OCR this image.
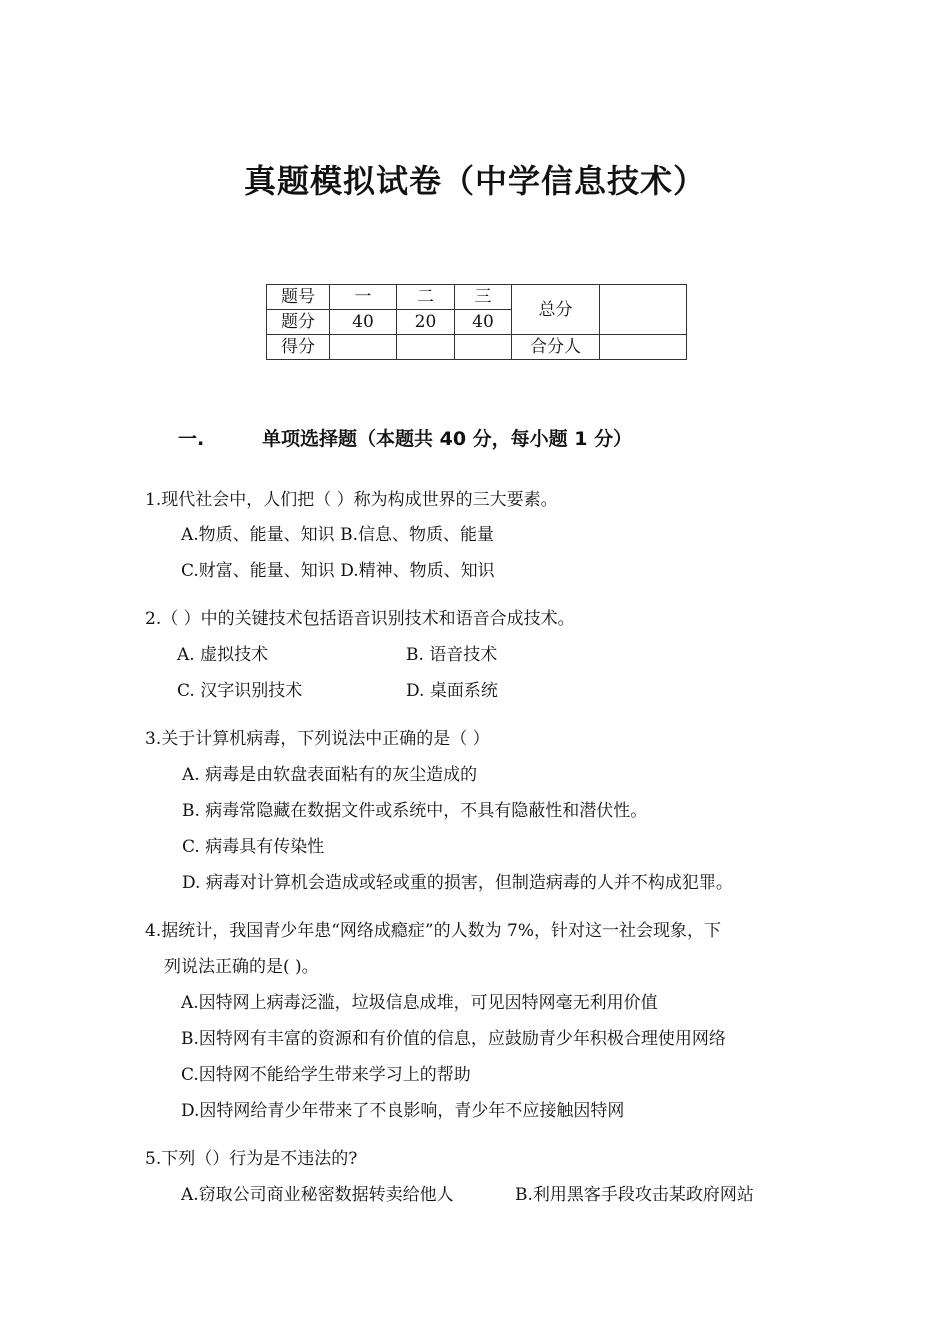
真题模拟试卷（中学信息技术）
题号	一	二	三	总分	
题分	40	20	40		
得分				合分人	
一.	单项选择题（本题共 40 分，每小题 1 分）
1.现代社会中，人们把（ ）称为构成世界的三大要素。
A.物质、能量、知识 B.信息、物质、能量
C.财富、能量、知识 D.精神、物质、知识
2.（ ）中的关键技术包括语音识别技术和语音合成技术。
A. 虚拟技术	B. 语音技术
C. 汉字识别技术	D. 桌面系统
3.关于计算机病毒，下列说法中正确的是（ ）
A. 病毒是由软盘表面粘有的灰尘造成的
B. 病毒常隐藏在数据文件或系统中，不具有隐蔽性和潜伏性。
C. 病毒具有传染性
D. 病毒对计算机会造成或轻或重的损害，但制造病毒的人并不构成犯罪。
4.据统计，我国青少年患“网络成瘾症”的人数为 7%，针对这一社会现象，下
列说法正确的是( )。
A.因特网上病毒泛滥，垃圾信息成堆，可见因特网毫无利用价值
B.因特网有丰富的资源和有价值的信息，应鼓励青少年积极合理使用网络
C.因特网不能给学生带来学习上的帮助
D.因特网给青少年带来了不良影响，青少年不应接触因特网
5.下列（）行为是不违法的?
A.窃取公司商业秘密数据转卖给他人	B.利用黑客手段攻击某政府网站
